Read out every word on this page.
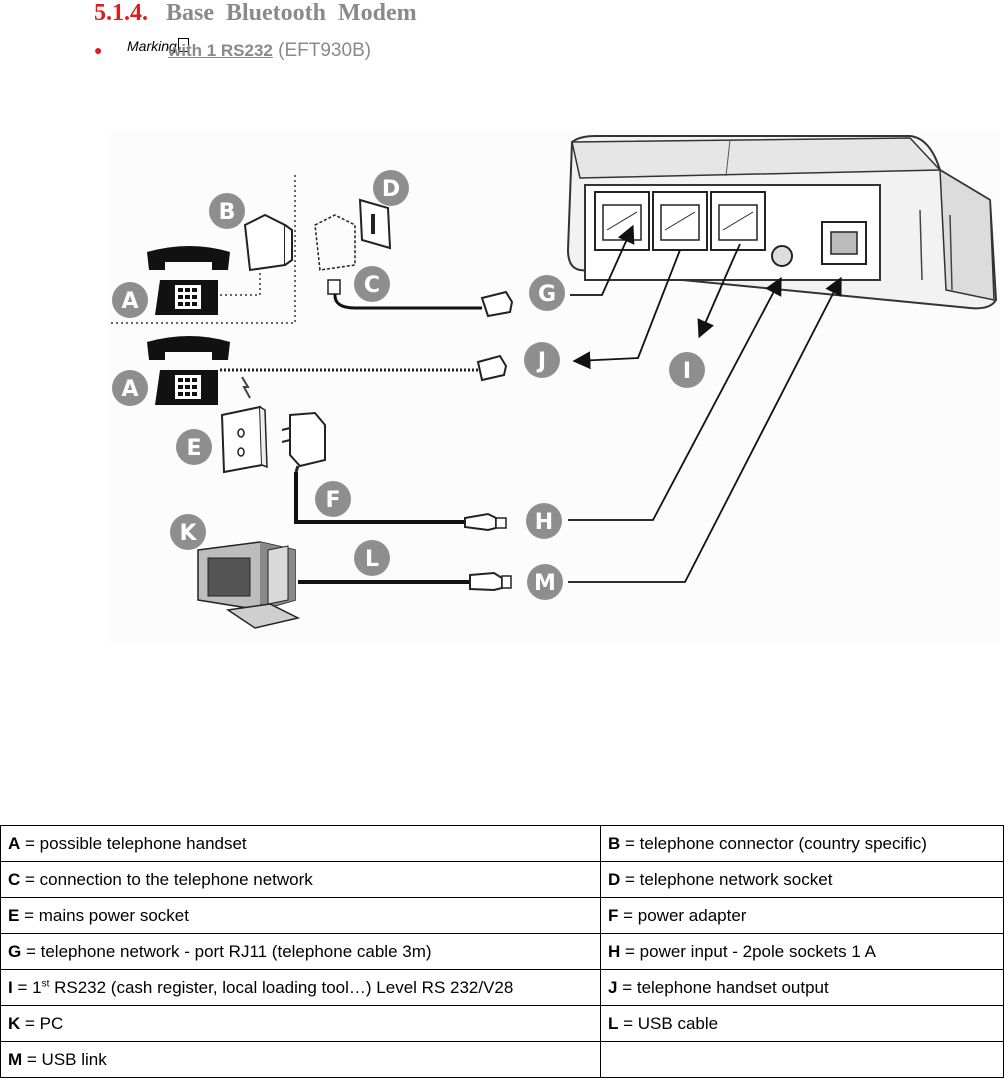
5.1.4. Base Bluetooth Modem
● Marking
with 1 RS232 (EFT930B)
A
A
B
C
D
E
F
G
H
I
J
K
L
M
A = possible telephone handset	B = telephone connector (country specific)
C = connection to the telephone network	D = telephone network socket
E = mains power socket	F = power adapter
G = telephone network - port RJ11 (telephone cable 3m)	H = power input - 2pole sockets 1 A
I = 1st RS232 (cash register, local loading tool…) Level RS 232/V28	J = telephone handset output
K = PC	L = USB cable
M = USB link	
